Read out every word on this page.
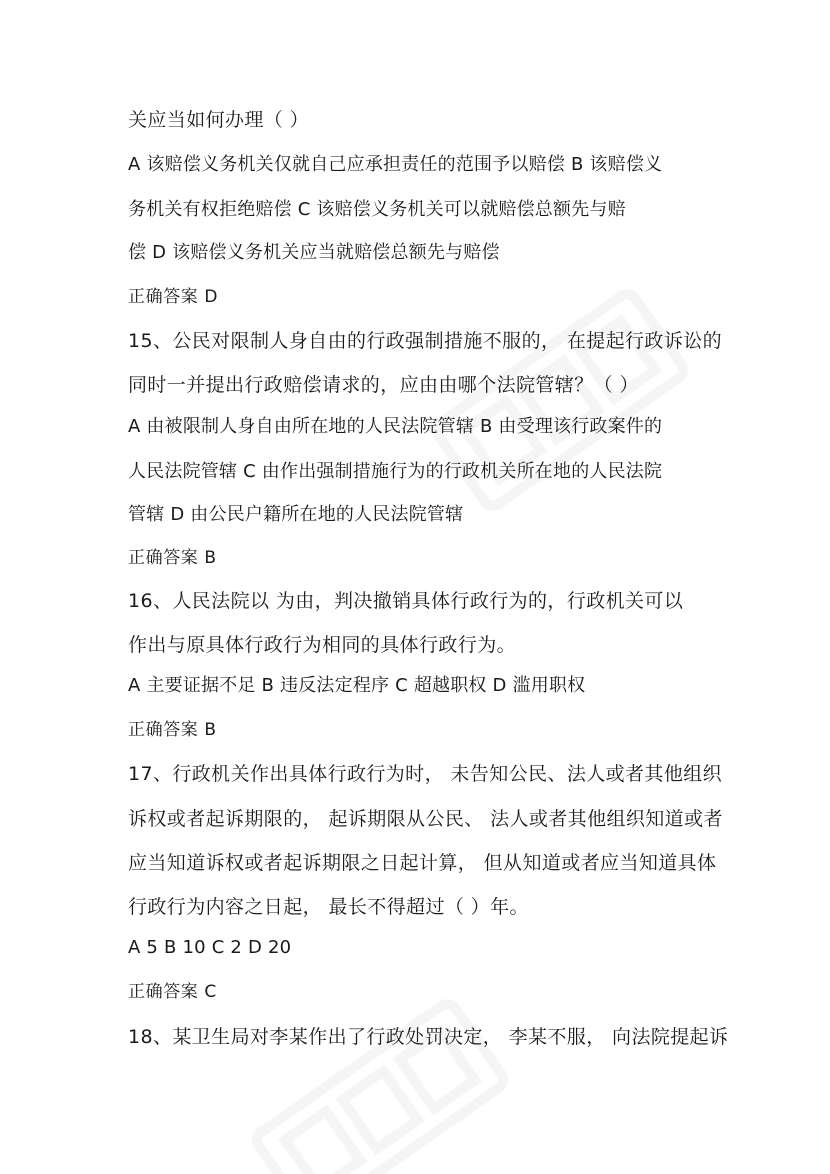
关应当如何办理（ ）
A 该赔偿义务机关仅就自己应承担责任的范围予以赔偿 B 该赔偿义
务机关有权拒绝赔偿 C 该赔偿义务机关可以就赔偿总额先与赔
偿 D 该赔偿义务机关应当就赔偿总额先与赔偿
正确答案 D
15、公民对限制人身自由的行政强制措施不服的， 在提起行政诉讼的
同时一并提出行政赔偿请求的，应由由哪个法院管辖？（ ）
A 由被限制人身自由所在地的人民法院管辖 B 由受理该行政案件的
人民法院管辖 C 由作出强制措施行为的行政机关所在地的人民法院
管辖 D 由公民户籍所在地的人民法院管辖
正确答案 B
16、人民法院以 为由，判决撤销具体行政行为的，行政机关可以
作出与原具体行政行为相同的具体行政行为。
A 主要证据不足 B 违反法定程序 C 超越职权 D 滥用职权
正确答案 B
17、行政机关作出具体行政行为时， 未告知公民、法人或者其他组织
诉权或者起诉期限的， 起诉期限从公民、 法人或者其他组织知道或者
应当知道诉权或者起诉期限之日起计算， 但从知道或者应当知道具体
行政行为内容之日起， 最长不得超过（ ）年。
A 5 B 10 C 2 D 20
正确答案 C
18、某卫生局对李某作出了行政处罚决定， 李某不服， 向法院提起诉
